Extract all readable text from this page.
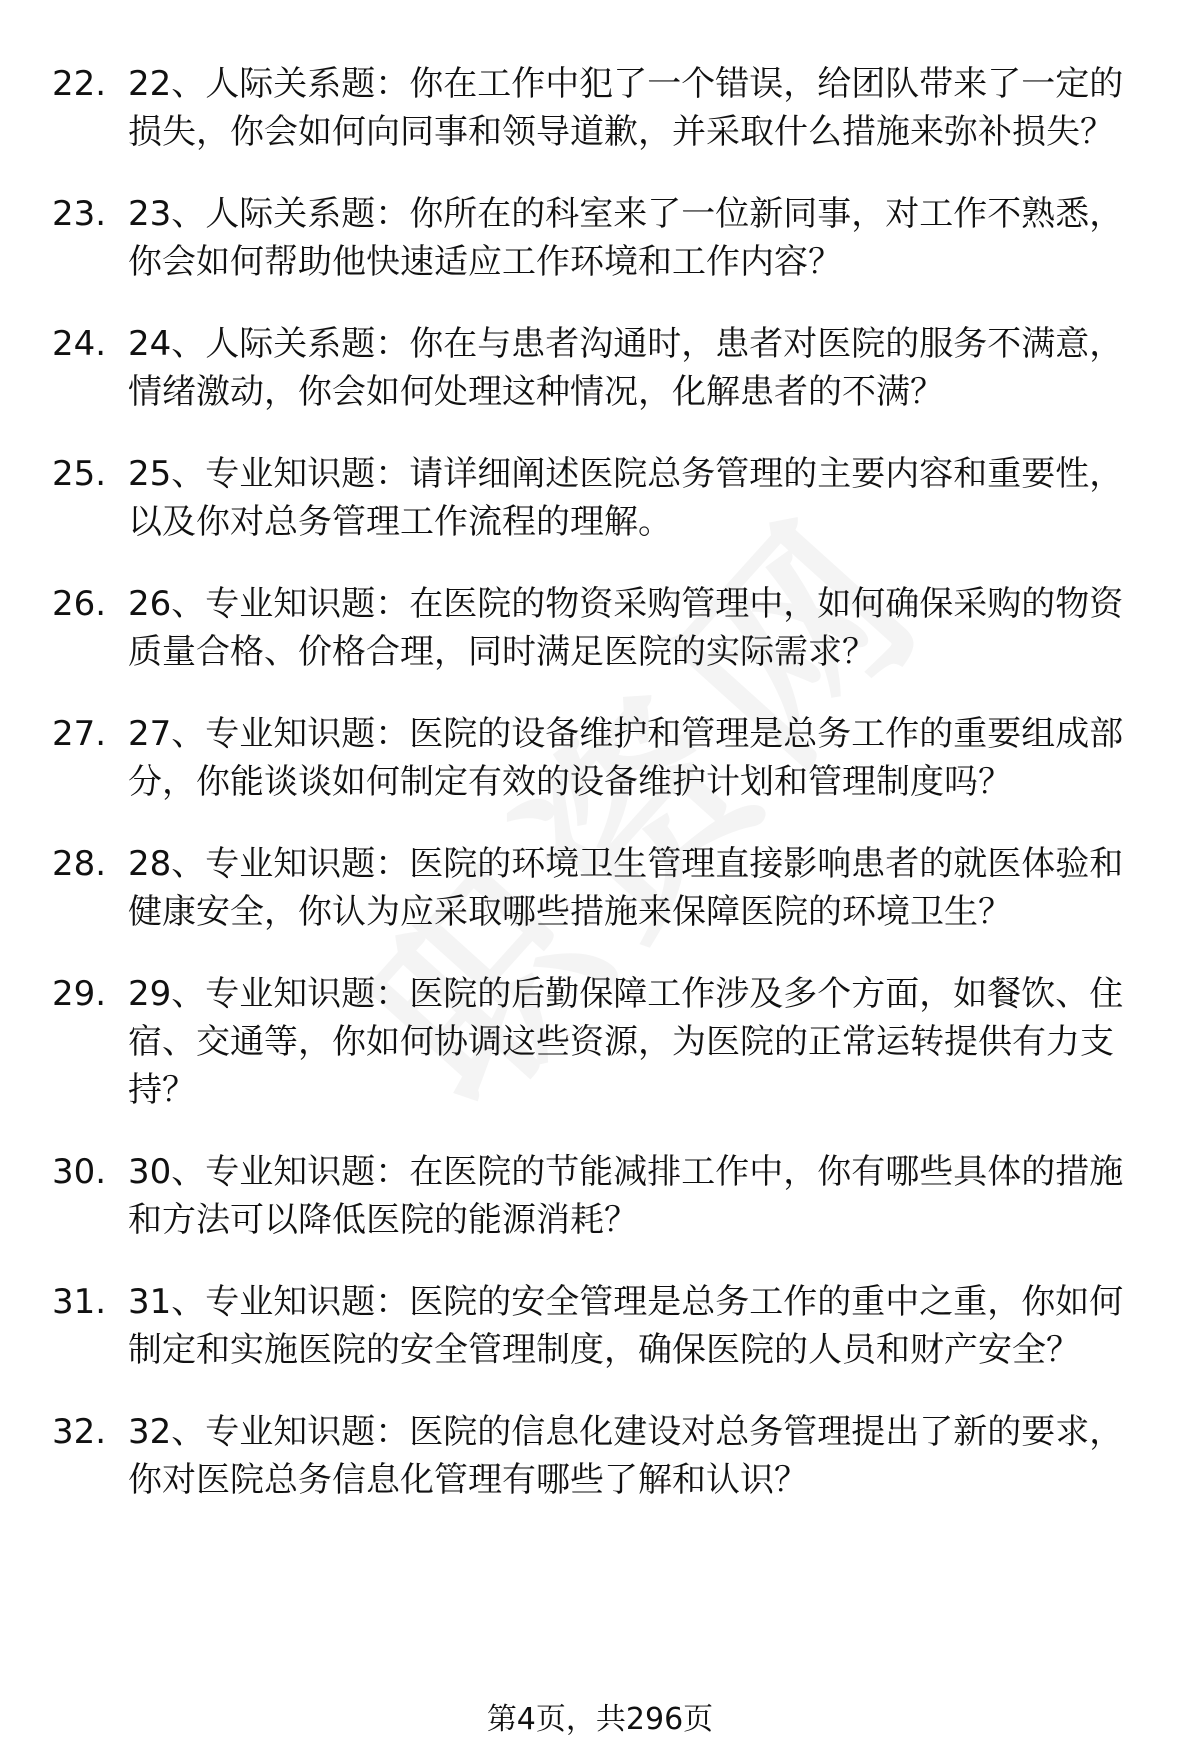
22. 22、人际关系题：你在工作中犯了一个错误，给团队带来了一定的损失，你会如何向同事和领导道歉，并采取什么措施来弥补损失？
23. 23、人际关系题：你所在的科室来了一位新同事，对工作不熟悉，你会如何帮助他快速适应工作环境和工作内容？
24. 24、人际关系题：你在与患者沟通时，患者对医院的服务不满意，情绪激动，你会如何处理这种情况，化解患者的不满？
25. 25、专业知识题：请详细阐述医院总务管理的主要内容和重要性，以及你对总务管理工作流程的理解。
26. 26、专业知识题：在医院的物资采购管理中，如何确保采购的物资质量合格、价格合理，同时满足医院的实际需求？
27. 27、专业知识题：医院的设备维护和管理是总务工作的重要组成部分，你能谈谈如何制定有效的设备维护计划和管理制度吗？
28. 28、专业知识题：医院的环境卫生管理直接影响患者的就医体验和健康安全，你认为应采取哪些措施来保障医院的环境卫生？
29. 29、专业知识题：医院的后勤保障工作涉及多个方面，如餐饮、住宿、交通等，你如何协调这些资源，为医院的正常运转提供有力支持？
30. 30、专业知识题：在医院的节能减排工作中，你有哪些具体的措施和方法可以降低医院的能源消耗？
31. 31、专业知识题：医院的安全管理是总务工作的重中之重，你如何制定和实施医院的安全管理制度，确保医院的人员和财产安全？
32. 32、专业知识题：医院的信息化建设对总务管理提出了新的要求，你对医院总务信息化管理有哪些了解和认识？
第4页，共296页
